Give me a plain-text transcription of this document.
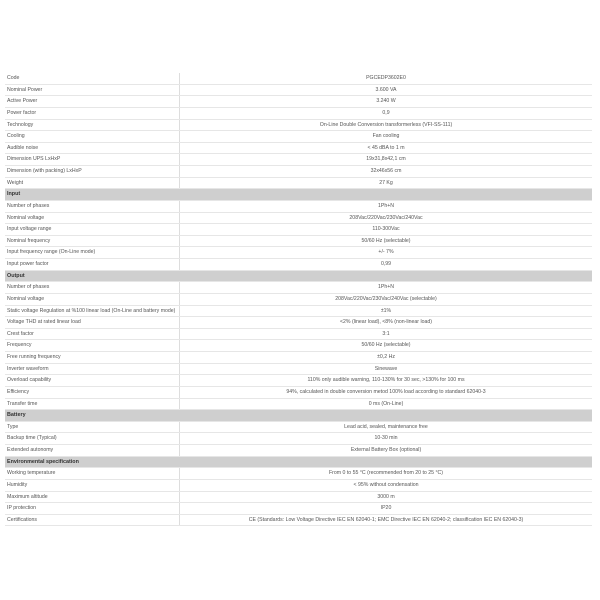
Code	PGCEDP3602E0
Nominal Power	3.600 VA
Active Power	3.240 W
Power factor	0,9
Technology	On-Line Double Conversion transformerless (VFI-SS-111)
Cooling	Fan cooling
Audible noise	< 45 dBA to 1 m
Dimension UPS LxHxP	19x31,8x42,1 cm
Dimension (with packing) LxHxP	32x46x56 cm
Weight	27 Kg
Input
Number of phases	1Ph+N
Nominal voltage	208Vac/220Vac/230Vac/240Vac
Input voltage range	110-300Vac
Nominal frequency	50/60 Hz (selectable)
Input frequency range (On-Line mode)	+/- 7%
Input power factor	0,99
Output
Number of phases	1Ph+N
Nominal voltage	208Vac/220Vac/230Vac/240Vac (selectable)
Static voltage Regulation at %100 linear load (On-Line and battery mode)	±1%
Voltage THD at rated linear load	<2% (linear load), <8% (non-linear load)
Crest factor	3:1
Frequency	50/60 Hz (selectable)
Free running frequency	±0,2 Hz
Inverter waveform	Sinewave
Overload capability	110% only audible warning, 110-130% for 30 sec, >130% for 100 ms
Efficiency	94%, calculated in double conversion metod 100% load according to standard 62040-3
Transfer time	0 ms (On-Line)
Battery
Type	Lead acid, sealed, maintenance free
Backup time (Typical)	10-30 min
Extended autonomy	External Battery Box (optional)
Environmental specification
Working temperature	From 0 to 55 °C (recommended from 20 to 25 °C)
Humidity	< 95% without condensation
Maximum altitude	3000 m
IP protection	IP20
Certifications	CE (Standards: Low Voltage Directive IEC EN 62040-1; EMC Directive IEC EN 62040-2; classification IEC EN 62040-3)
